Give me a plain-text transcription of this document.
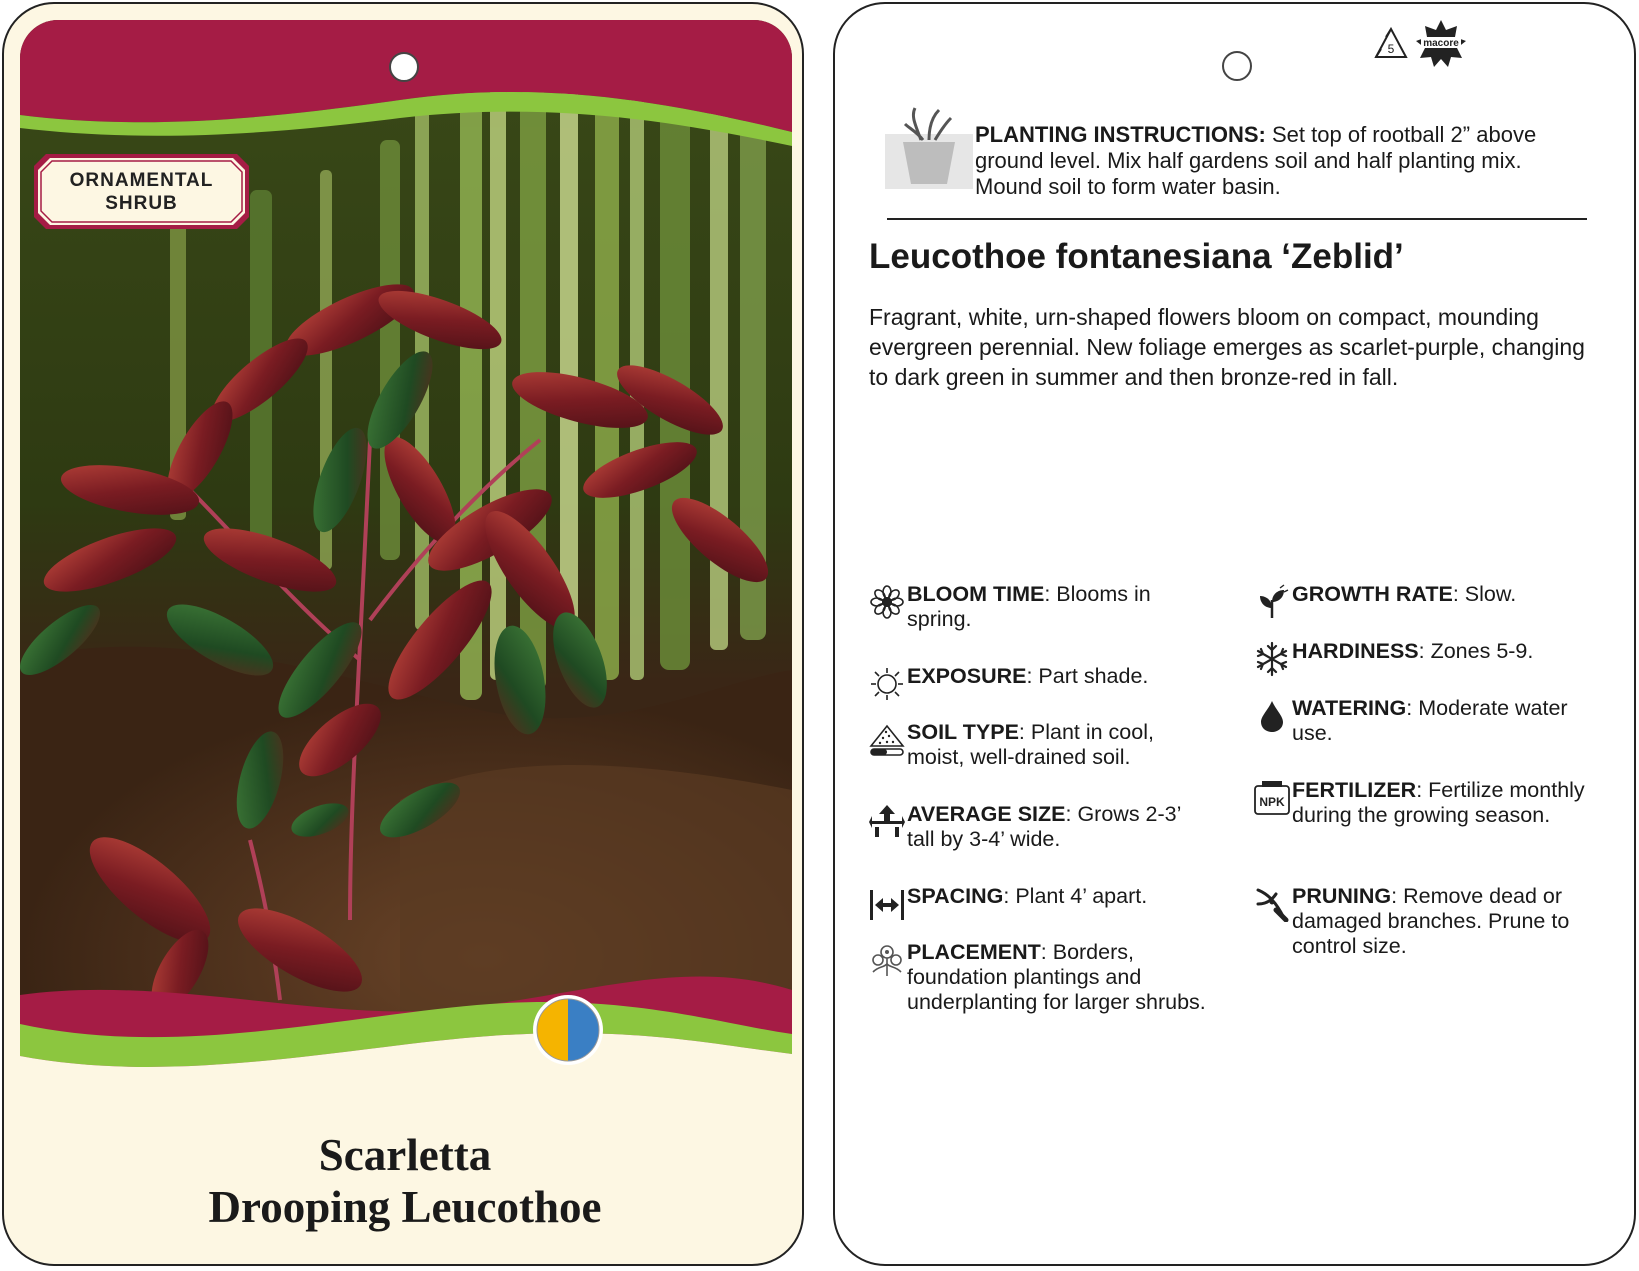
ORNAMENTAL
SHRUB
Scarletta
Drooping Leucothoe
5	macore
PLANTING INSTRUCTIONS: Set top of rootball 2” above ground level. Mix half gardens soil and half planting mix. Mound soil to form water basin.
Leucothoe fontanesiana ‘Zeblid’
Fragrant, white, urn-shaped flowers bloom on compact, mounding evergreen perennial. New foliage emerges as scarlet-purple, changing to dark green in summer and then bronze-red in fall.
BLOOM TIME: Blooms in spring.
EXPOSURE: Part shade.
SOIL TYPE: Plant in cool, moist, well-drained soil.
AVERAGE SIZE: Grows 2-3’ tall by 3-4’ wide.
SPACING: Plant 4’ apart.
PLACEMENT: Borders, foundation plantings and underplanting for larger shrubs.
GROWTH RATE: Slow.
HARDINESS: Zones 5-9.
WATERING: Moderate water use.
NPK FERTILIZER: Fertilize monthly during the growing season.
PRUNING: Remove dead or damaged branches. Prune to control size.
